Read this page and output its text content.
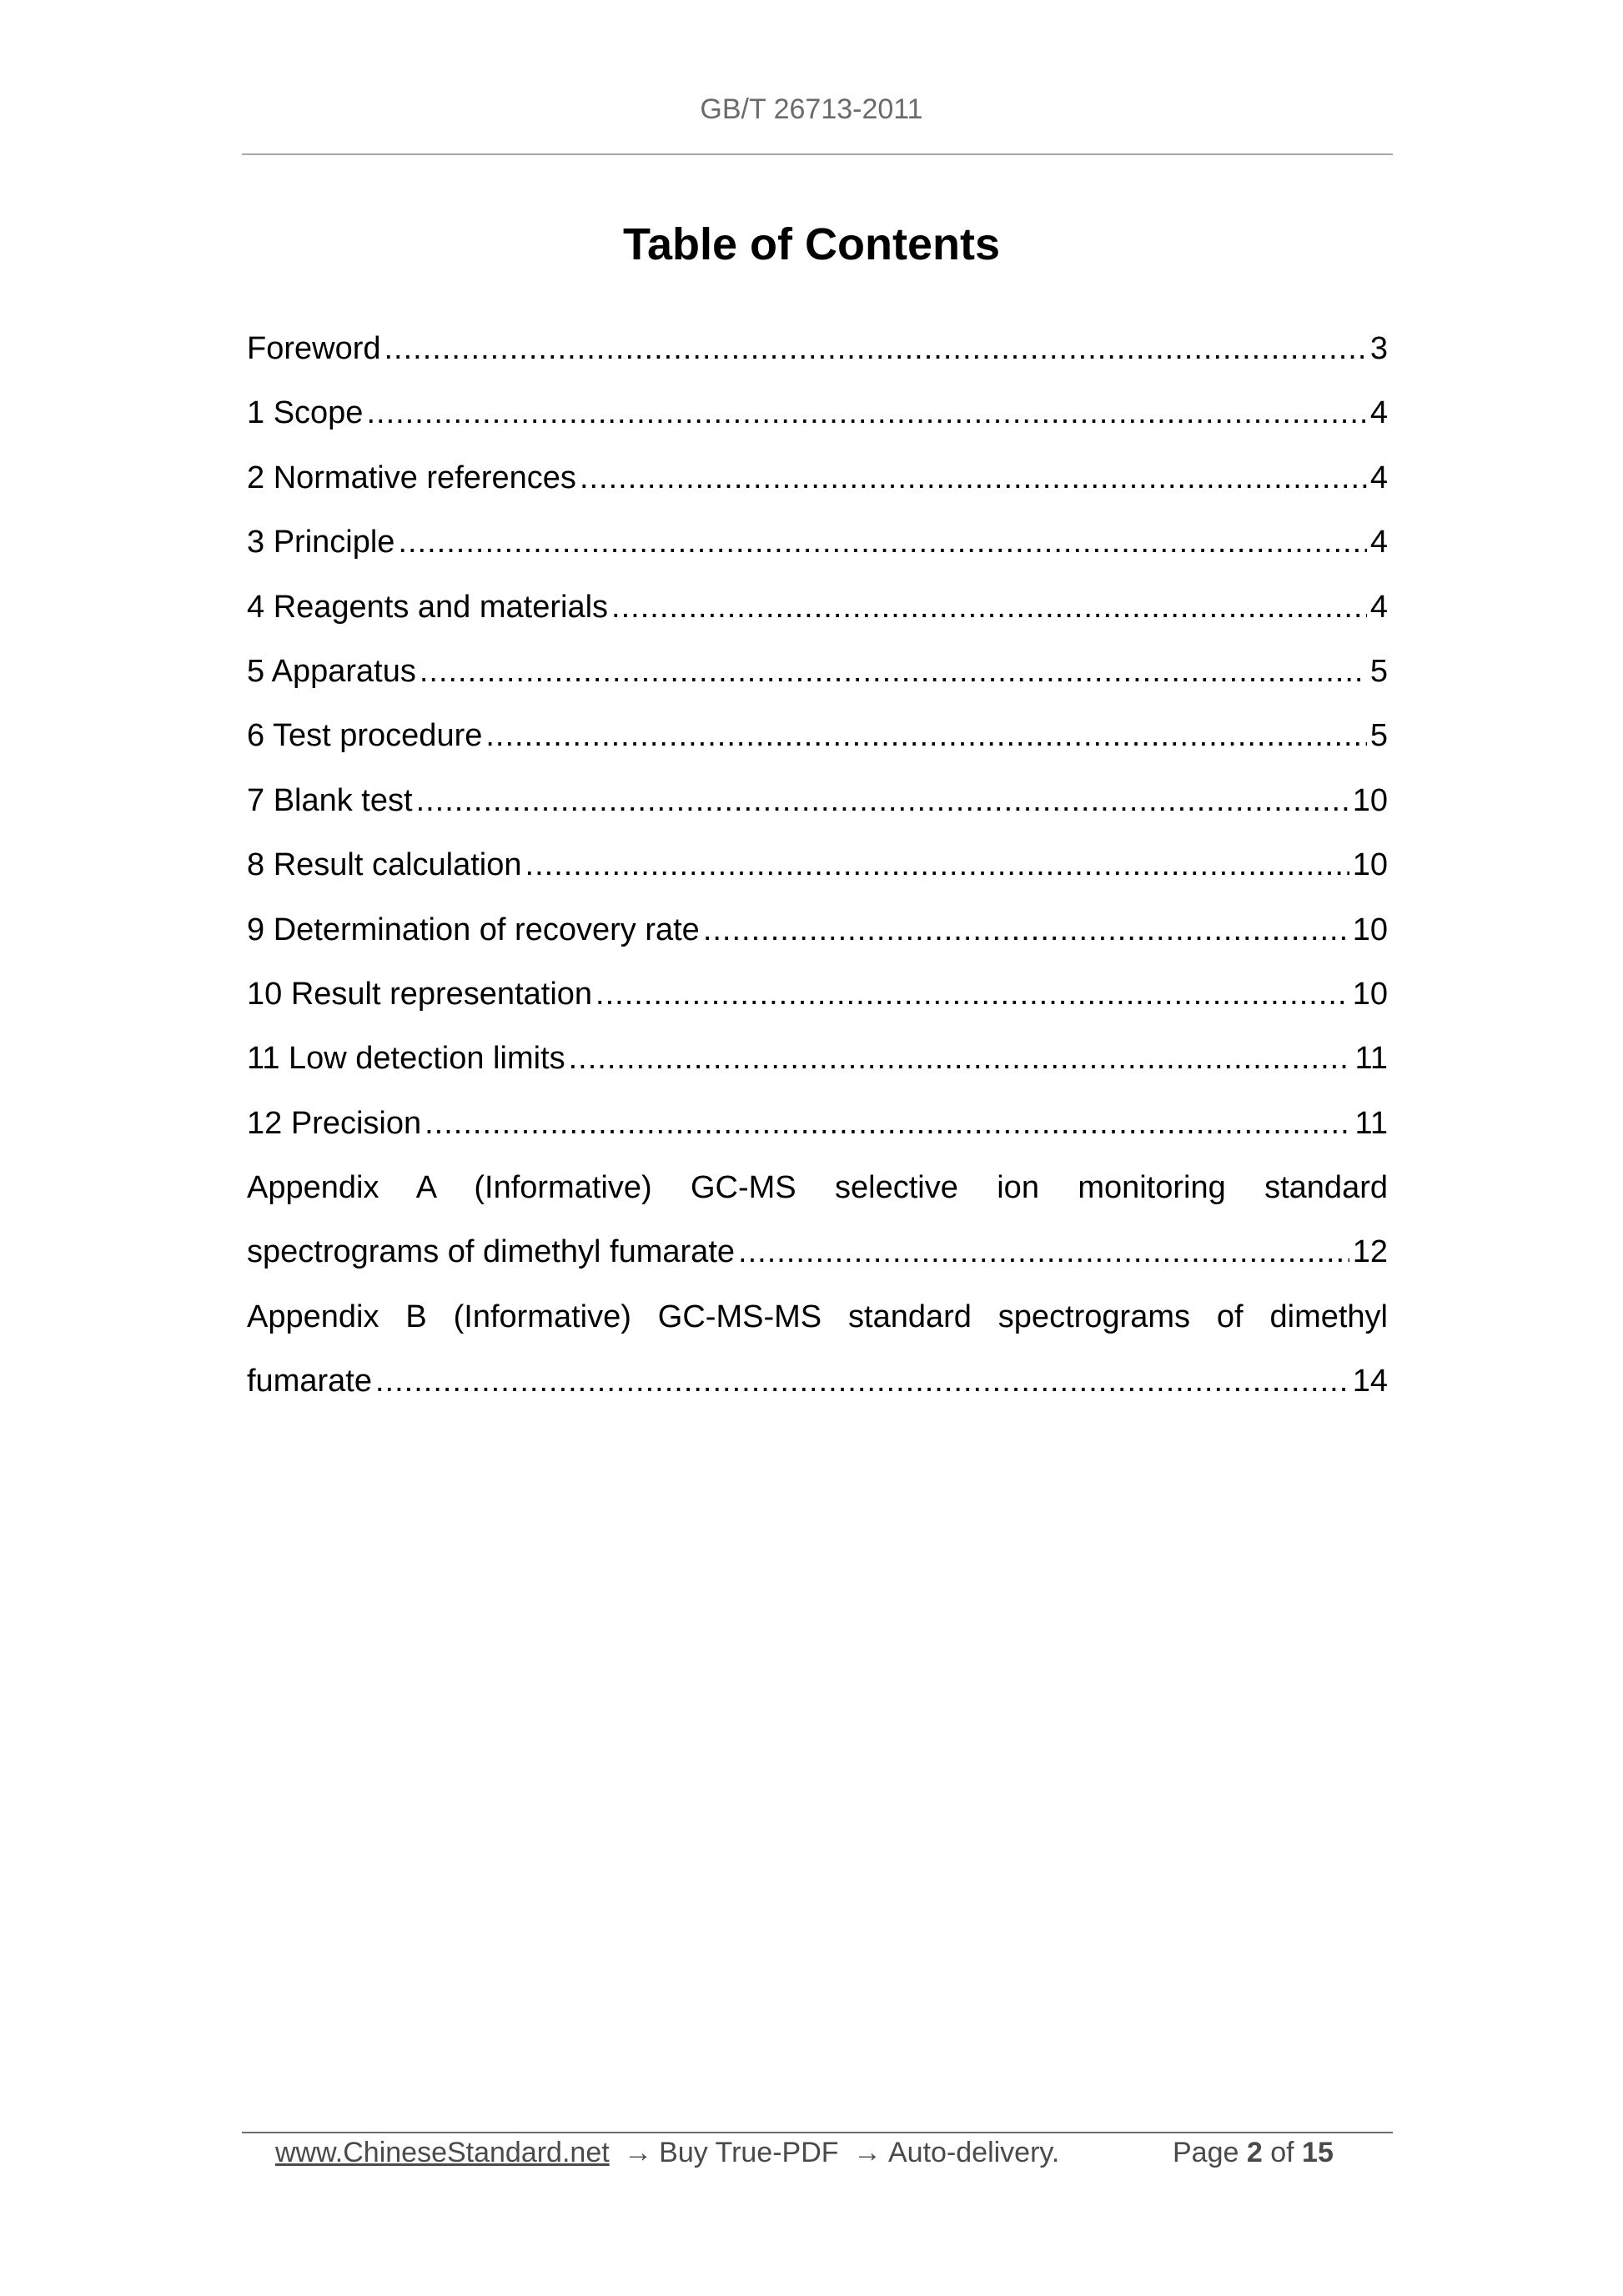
GB/T 26713-2011
Table of Contents
Foreword .....	3
1 Scope .....	4
2 Normative references .....	4
3 Principle .....	4
4 Reagents and materials .....	4
5 Apparatus .....	5
6 Test procedure .....	5
7 Blank test .....	10
8 Result calculation .....	10
9 Determination of recovery rate .....	10
10 Result representation .....	10
11 Low detection limits .....	11
12 Precision .....	11
Appendix A (Informative) GC-MS selective ion monitoring standard
spectrograms of dimethyl fumarate .....	12
Appendix B (Informative) GC-MS-MS standard spectrograms of dimethyl
fumarate .....	14
www.ChineseStandard.net → Buy True-PDF → Auto-delivery.	Page 2 of 15
